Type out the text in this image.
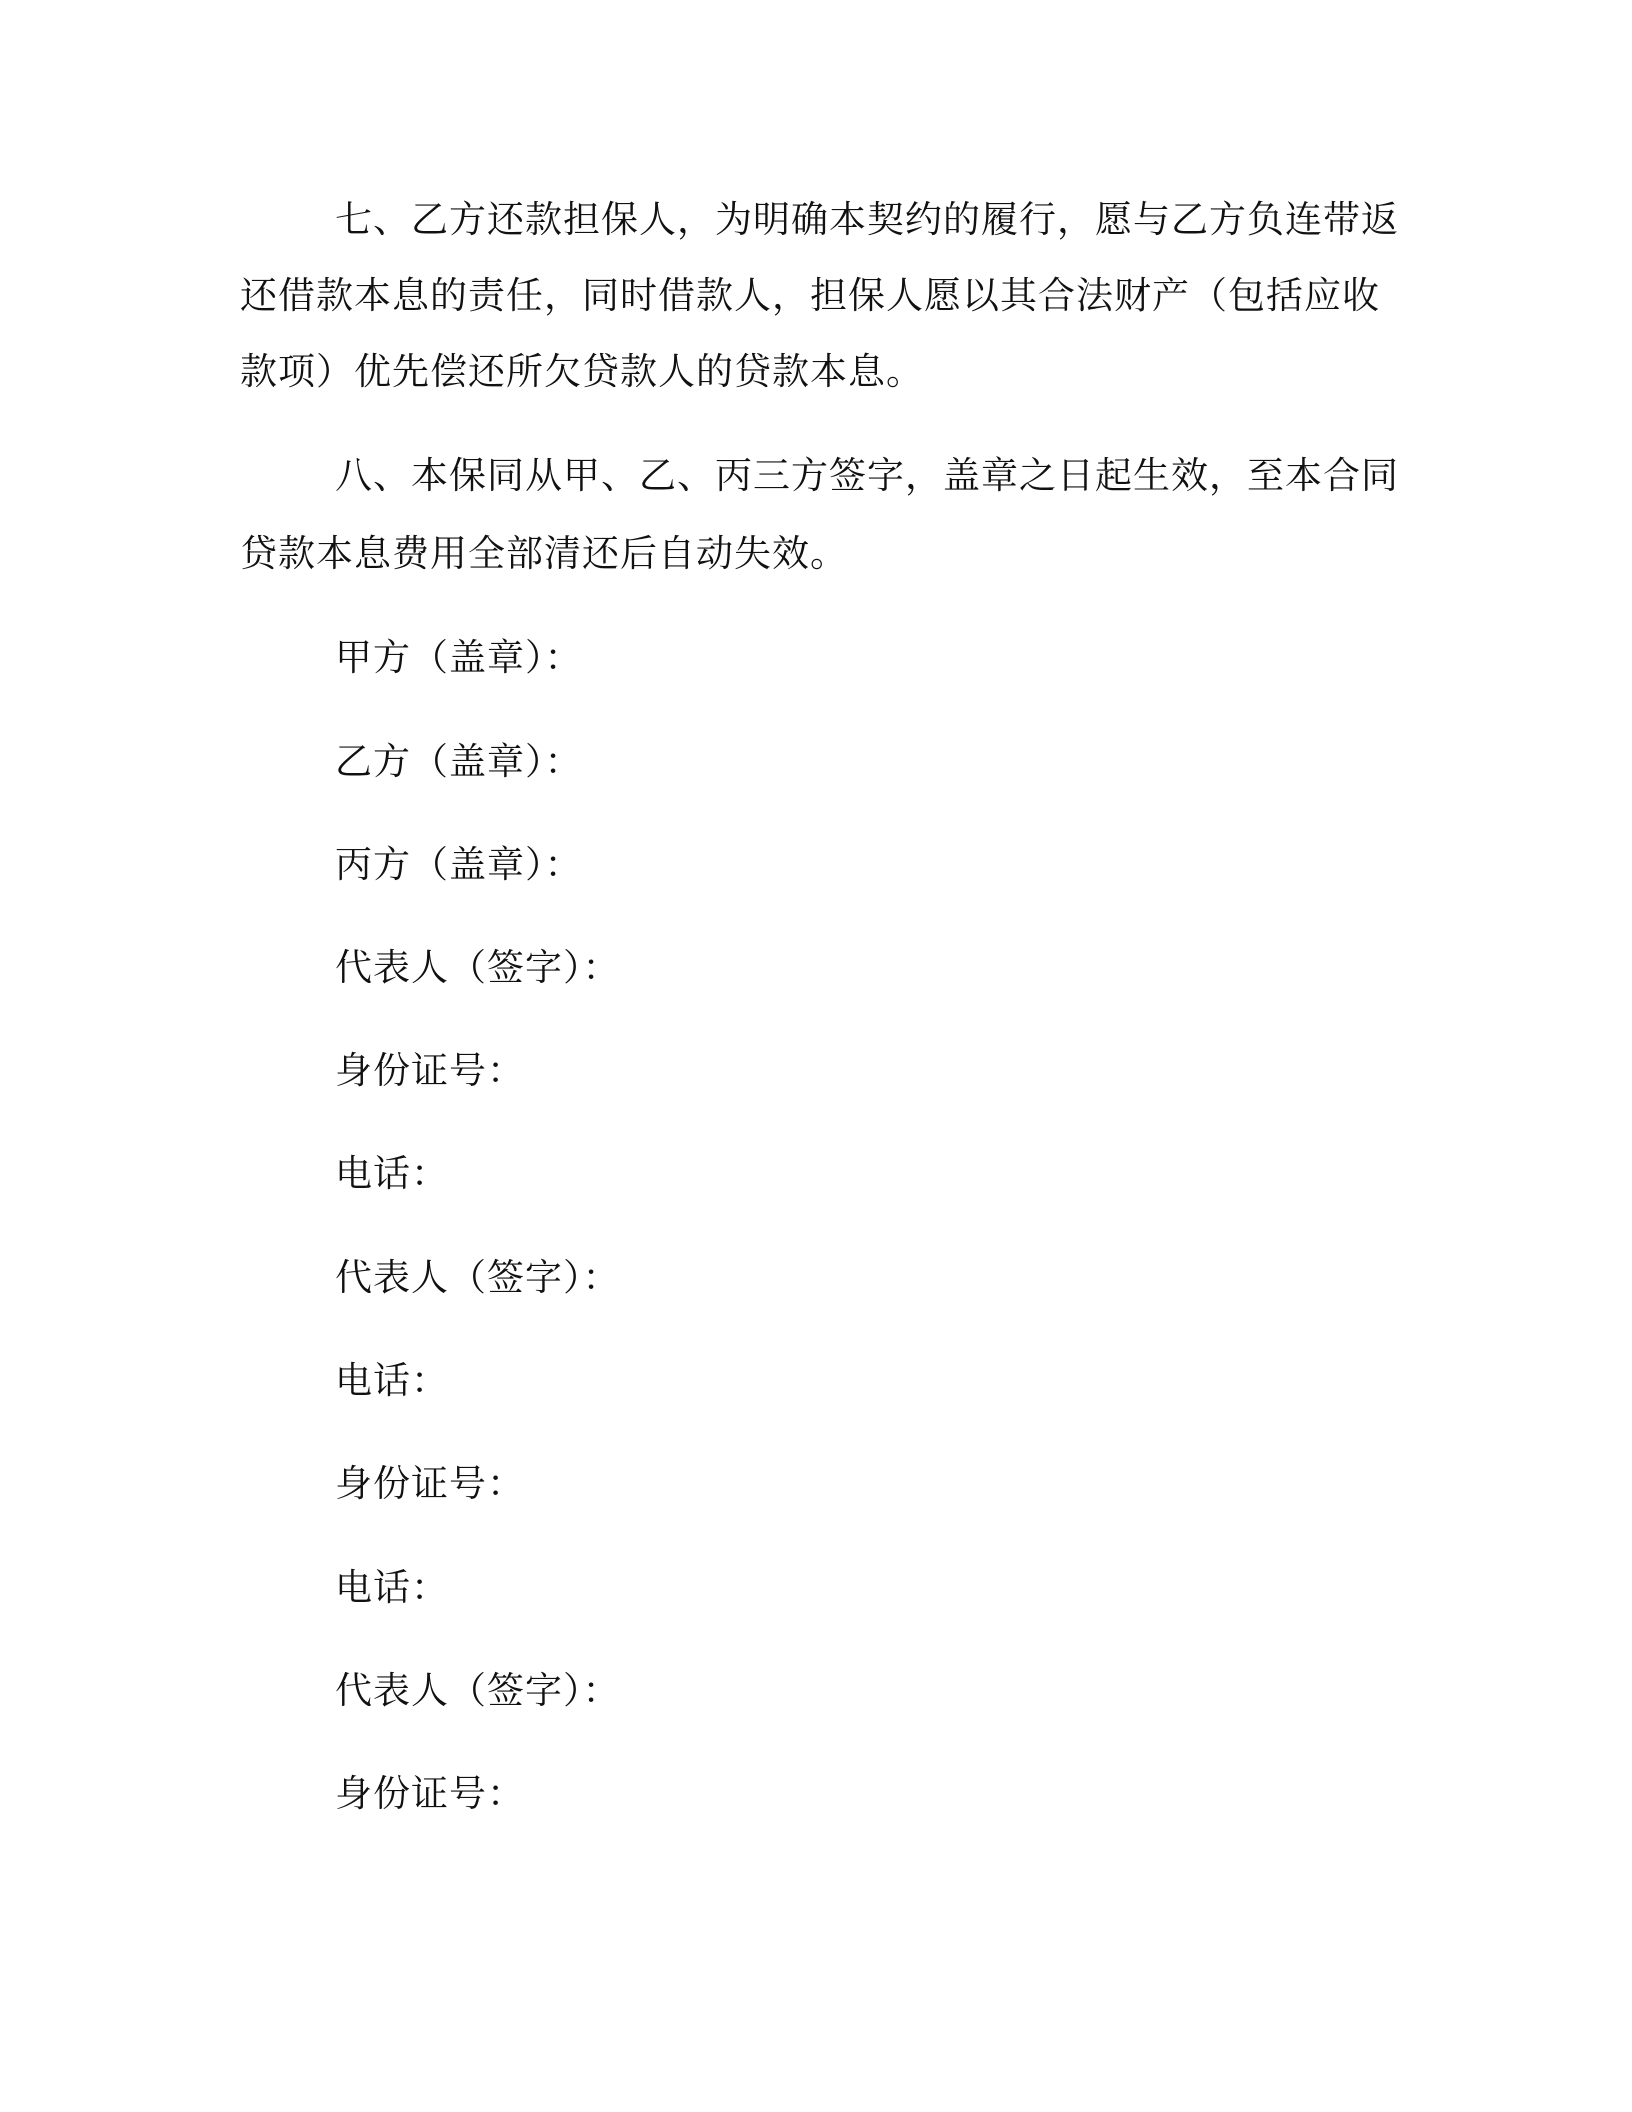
七、乙方还款担保人，为明确本契约的履行，愿与乙方负连带返
还借款本息的责任，同时借款人，担保人愿以其合法财产（包括应收
款项）优先偿还所欠贷款人的贷款本息。
八、本保同从甲、乙、丙三方签字，盖章之日起生效，至本合同
贷款本息费用全部清还后自动失效。
甲方（盖章）：
乙方（盖章）：
丙方（盖章）：
代表人（签字）：
身份证号：
电话：
代表人（签字）：
电话：
身份证号：
电话：
代表人（签字）：
身份证号：
